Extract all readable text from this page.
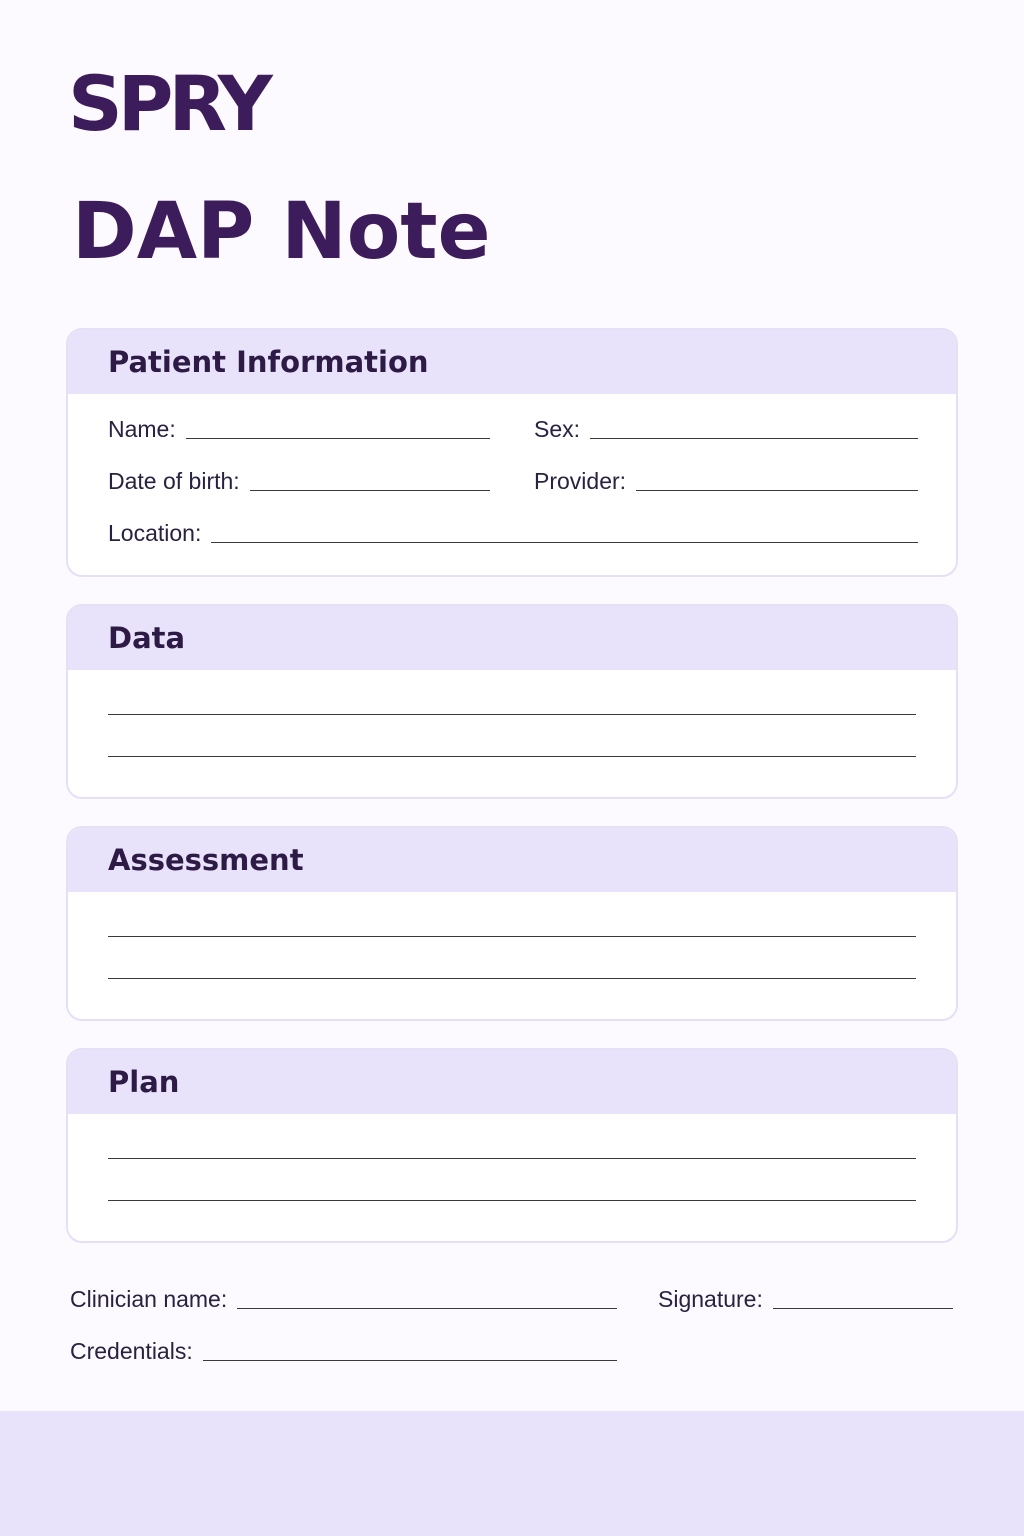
SPRY
DAP Note
Patient Information
Name:	Sex:
Date of birth:	Provider:
Location:
Data
Assessment
Plan
Clinician name:	Signature:
Credentials:
